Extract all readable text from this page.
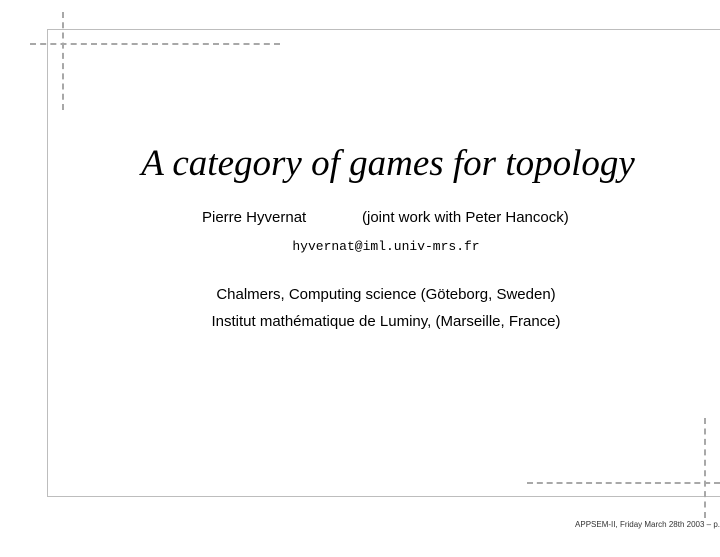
A category of games for topology
Pierre Hyvernat	(joint work with Peter Hancock)
hyvernat@iml.univ-mrs.fr
Chalmers, Computing science (Göteborg, Sweden)
Institut mathématique de Luminy, (Marseille, France)
APPSEM-II, Friday March 28th 2003 – p.
